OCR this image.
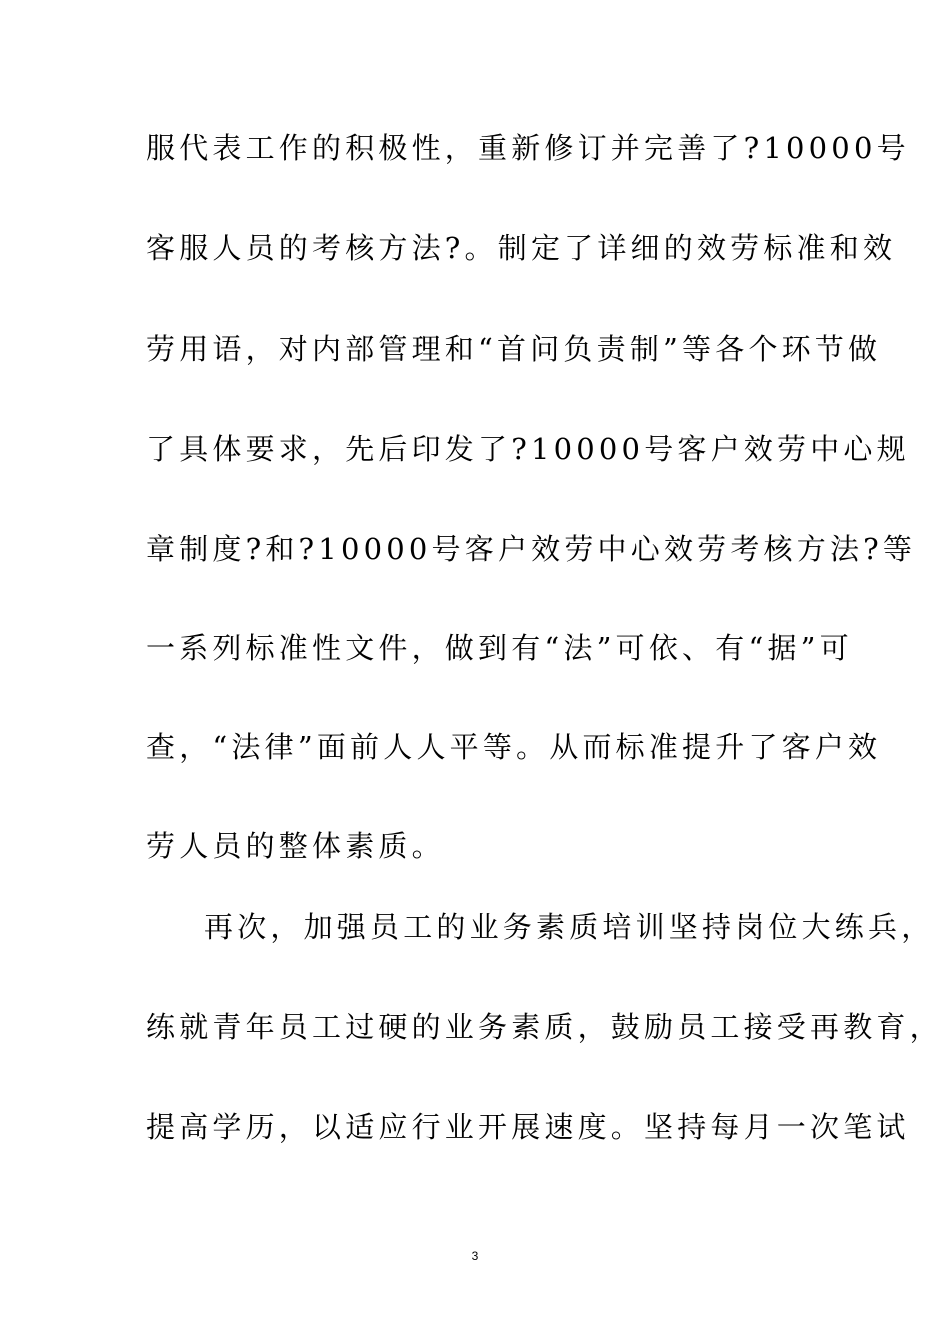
服代表工作的积极性，重新修订并完善了?10000号
客服人员的考核方法?。制定了详细的效劳标准和效
劳用语，对内部管理和“首问负责制”等各个环节做
了具体要求，先后印发了?10000号客户效劳中心规
章制度?和?10000号客户效劳中心效劳考核方法?等
一系列标准性文件，做到有“法”可依、有“据”可
查，“法律”面前人人平等。从而标准提升了客户效
劳人员的整体素质。
再次，加强员工的业务素质培训坚持岗位大练兵，
练就青年员工过硬的业务素质，鼓励员工接受再教育，
提高学历，以适应行业开展速度。坚持每月一次笔试
3
